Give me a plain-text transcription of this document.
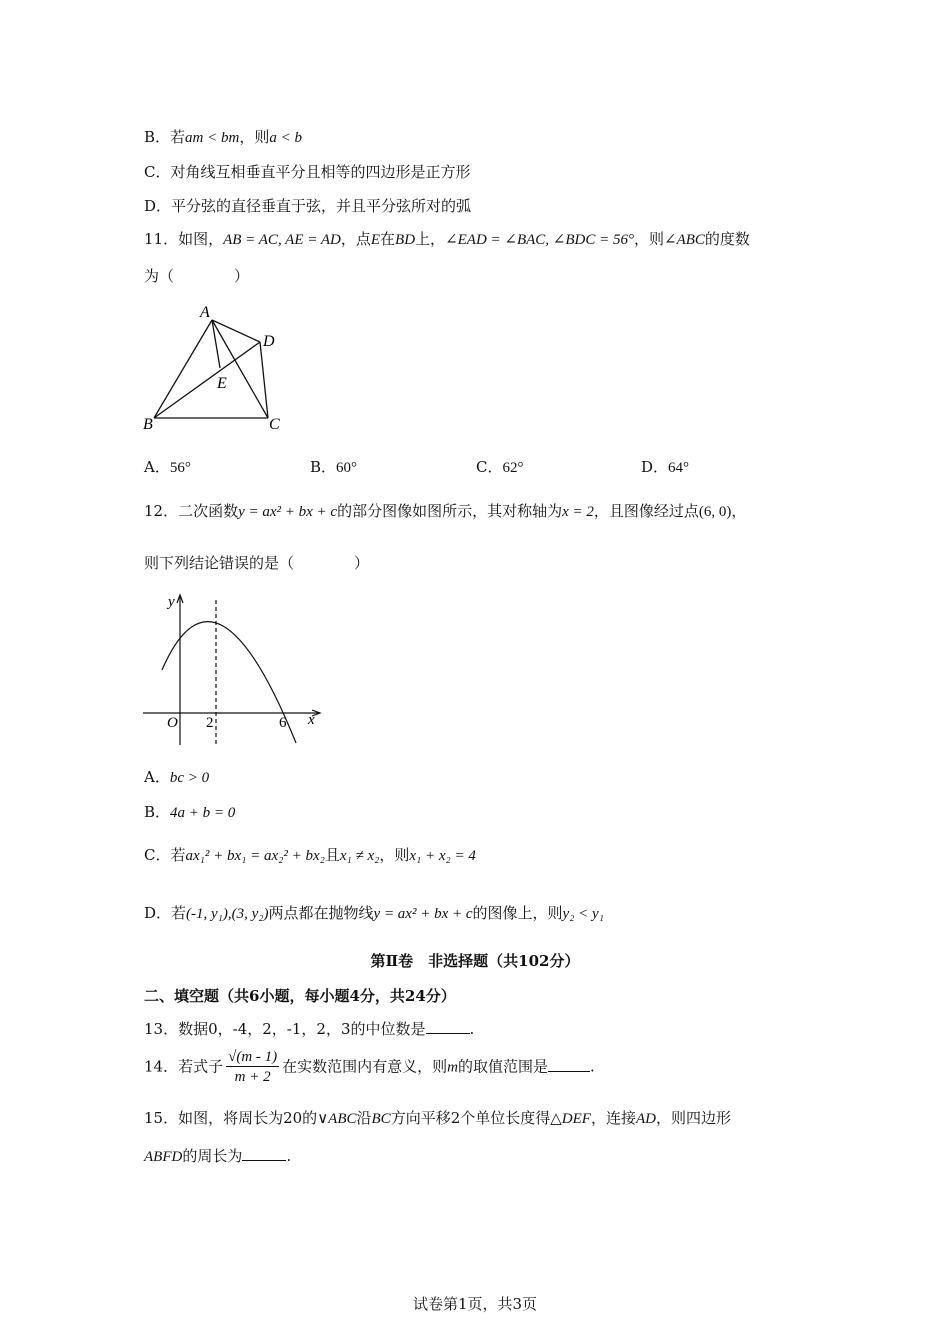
B．若am < bm，则a < b
C．对角线互相垂直平分且相等的四边形是正方形
D．平分弦的直径垂直于弦，并且平分弦所对的弧
11．如图，AB = AC, AE = AD，点E在BD上，∠EAD = ∠BAC, ∠BDC = 56°，则∠ABC的度数
为（　　　　）
A
D
E
B	C
A．56°	B．60°	C．62°	D．64°
12．二次函数y = ax² + bx + c的部分图像如图所示，其对称轴为x = 2，且图像经过点(6, 0)，
则下列结论错误的是（　　　　）
y
x
O 2	6
A．bc > 0
B．4a + b = 0
C．若ax₁² + bx₁ = ax₂² + bx₂且x₁ ≠ x₂，则x₁ + x₂ = 4
D．若(-1, y₁),(3, y₂)两点都在抛物线y = ax² + bx + c的图像上，则y₂ < y₁
第Ⅱ卷　非选择题（共102分）
二、填空题（共6小题，每小题4分，共24分）
13．数据0，-4，2，-1，2，3的中位数是	.
14．若式子 $\frac{√(m - 1)}{m + 2}$ 在实数范围内有意义，则m的取值范围是	.
15．如图，将周长为20的∨ABC沿BC方向平移2个单位长度得△DEF，连接AD，则四边形
ABFD的周长为	.
试卷第1页，共3页
